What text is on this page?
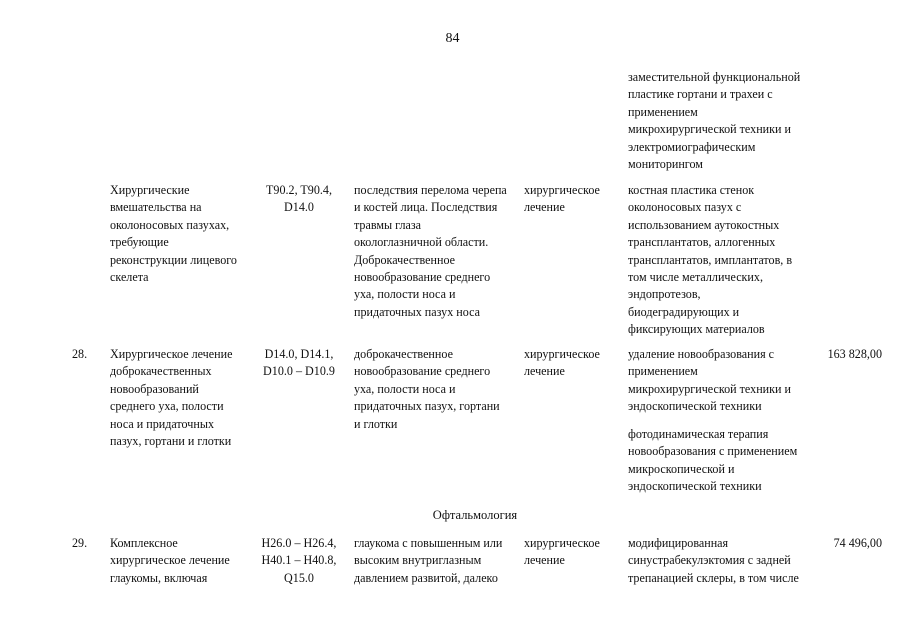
84
заместительной функциональной
пластике гортани и трахеи с
применением
микрохирургической техники и
электромиографическим
мониторингом
Хирургические
вмешательства на
околоносовых пазухах,
требующие
реконструкции лицевого
скелета
T90.2, T90.4,
D14.0
последствия перелома черепа
и костей лица. Последствия
травмы глаза
окологлазничной области.
Доброкачественное
новообразование среднего
уха, полости носа и
придаточных пазух носа
хирургическое
лечение
костная пластика стенок
околоносовых пазух с
использованием аутокостных
трансплантатов, аллогенных
трансплантатов, имплантатов, в
том числе металлических,
эндопротезов,
биодеградирующих и
фиксирующих материалов
28. Хирургическое лечение
доброкачественных
новообразований
среднего уха, полости
носа и придаточных
пазух, гортани и глотки
D14.0, D14.1,
D10.0 – D10.9
доброкачественное
новообразование среднего
уха, полости носа и
придаточных пазух, гортани
и глотки
хирургическое
лечение
удаление новообразования с
применением
микрохирургической техники и
эндоскопической техники
фотодинамическая терапия
новообразования с применением
микроскопической и
эндоскопической техники
163 828,00
Офтальмология
29. Комплексное
хирургическое лечение
глаукомы, включая
H26.0 – H26.4,
H40.1 – H40.8,
Q15.0
глаукома с повышенным или
высоким внутриглазным
давлением развитой, далеко
хирургическое
лечение
модифицированная
синустрабекулэктомия с задней
трепанацией склеры, в том числе
74 496,00
